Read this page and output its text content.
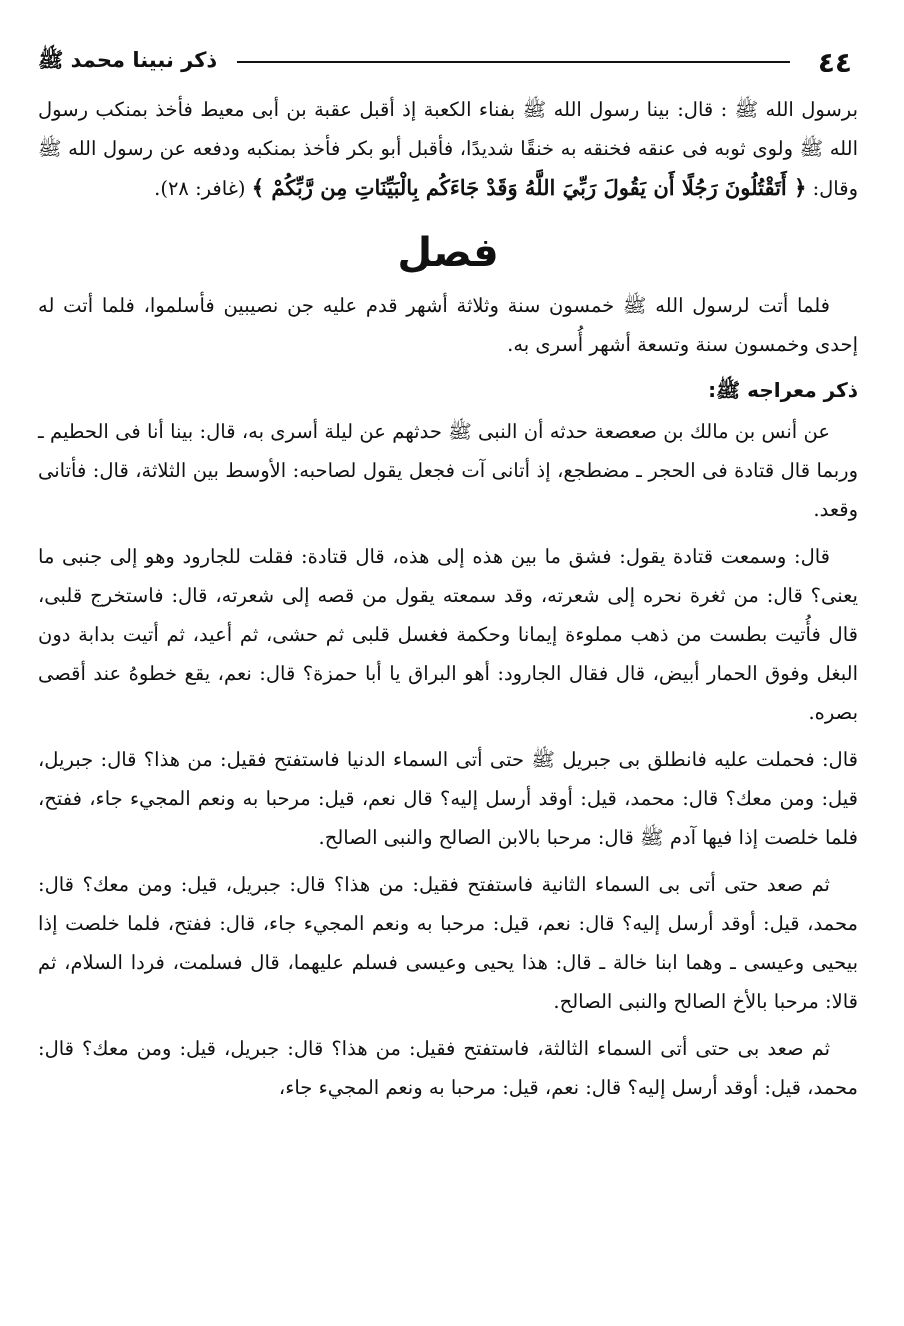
٤٤
ذكر نبينا محمد ﷺ

برسول الله ﷺ : قال: بينا رسول الله ﷺ بفناء الكعبة إذ أقبل عقبة بن أبى معيط فأخذ بمنكب رسول الله ﷺ ولوى ثوبه فى عنقه فخنقه به خنقًا شديدًا، فأقبل أبو بكر فأخذ بمنكبه ودفعه عن رسول الله ﷺ وقال: ﴿ أَتَقْتُلُونَ رَجُلًا أَن يَقُولَ رَبِّيَ اللَّهُ وَقَدْ جَاءَكُم بِالْبَيِّنَاتِ مِن رَّبِّكُمْ ﴾ (غافر: ٢٨).

فصل

فلما أتت لرسول الله ﷺ خمسون سنة وثلاثة أشهر قدم عليه جن نصيبين فأسلموا، فلما أتت له إحدى وخمسون سنة وتسعة أشهر أُسرى به.

ذكر معراجه ﷺ:

عن أنس بن مالك بن صعصعة حدثه أن النبى ﷺ حدثهم عن ليلة أسرى به، قال: بينا أنا فى الحطيم ـ وربما قال قتادة فى الحجر ـ مضطجع، إذ أتانى آت فجعل يقول لصاحبه: الأوسط بين الثلاثة، قال: فأتانى وقعد.

قال: وسمعت قتادة يقول: فشق ما بين هذه إلى هذه، قال قتادة: فقلت للجارود وهو إلى جنبى ما يعنى؟ قال: من ثغرة نحره إلى شعرته، وقد سمعته يقول من قصه إلى شعرته، قال: فاستخرج قلبى، قال فأُتيت بطست من ذهب مملوءة إيمانا وحكمة فغسل قلبى ثم حشى، ثم أعيد، ثم أتيت بدابة دون البغل وفوق الحمار أبيض، قال فقال الجارود: أهو البراق يا أبا حمزة؟ قال: نعم، يقع خطوهُ عند أقصى بصره.

قال: فحملت عليه فانطلق بى جبريل ﷺ حتى أتى السماء الدنيا فاستفتح فقيل: من هذا؟ قال: جبريل، قيل: ومن معك؟ قال: محمد، قيل: أوقد أرسل إليه؟ قال نعم، قيل: مرحبا به ونعم المجيء جاء، ففتح، فلما خلصت إذا فيها آدم ﷺ قال: مرحبا بالابن الصالح والنبى الصالح.

ثم صعد حتى أتى بى السماء الثانية فاستفتح فقيل: من هذا؟ قال: جبريل، قيل: ومن معك؟ قال: محمد، قيل: أوقد أرسل إليه؟ قال: نعم، قيل: مرحبا به ونعم المجيء جاء، قال: ففتح، فلما خلصت إذا بيحيى وعيسى ـ وهما ابنا خالة ـ قال: هذا يحيى وعيسى فسلم عليهما، قال فسلمت، فردا السلام، ثم قالا: مرحبا بالأخ الصالح والنبى الصالح.

ثم صعد بى حتى أتى السماء الثالثة، فاستفتح فقيل: من هذا؟ قال: جبريل، قيل: ومن معك؟ قال: محمد، قيل: أوقد أرسل إليه؟ قال: نعم، قيل: مرحبا به ونعم المجيء جاء،
